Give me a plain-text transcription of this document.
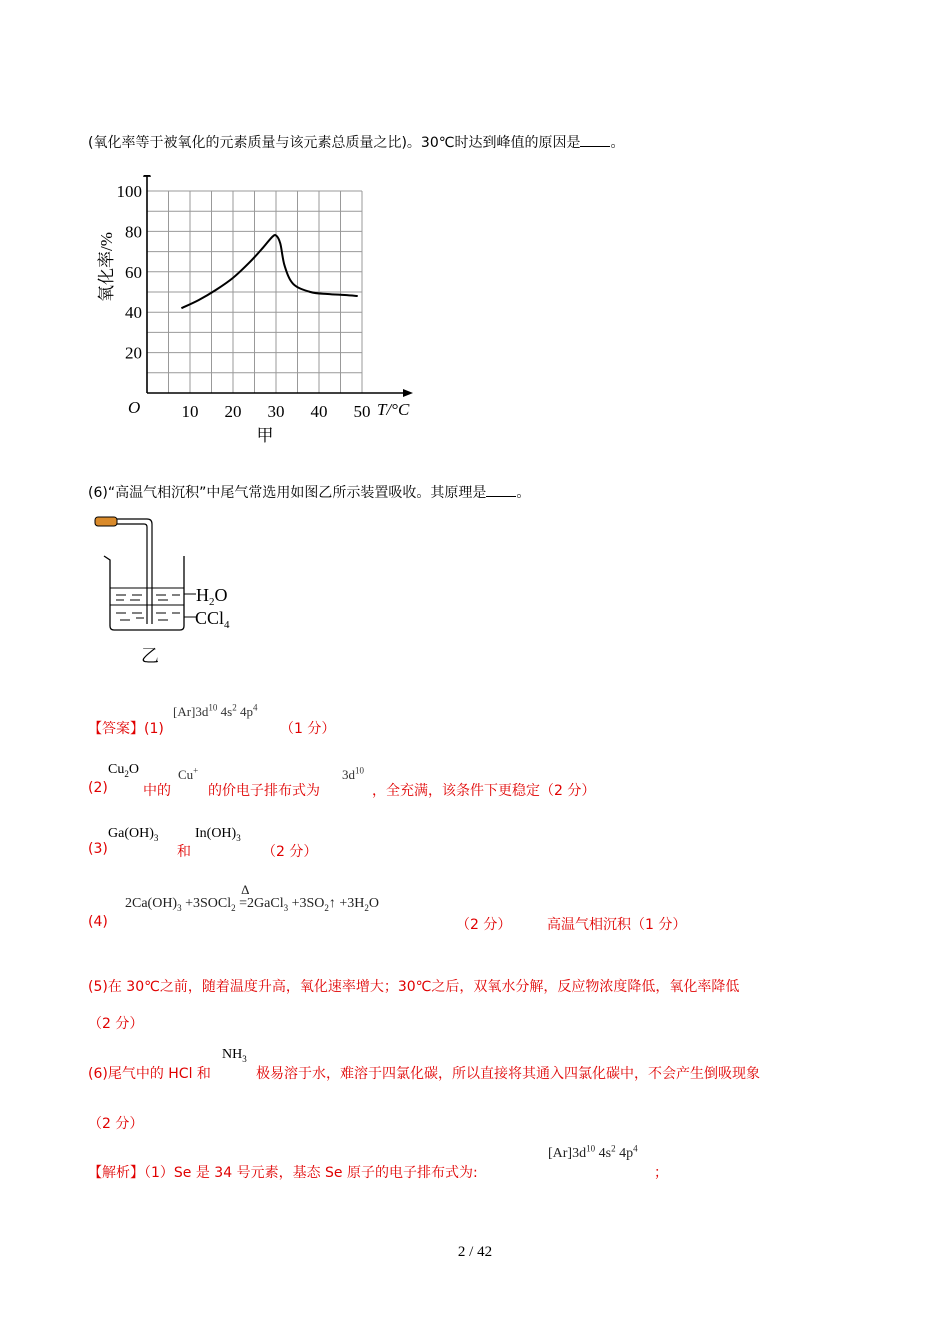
(氧化率等于被氧化的元素质量与该元素总质量之比)。30℃时达到峰值的原因是 。
10 20 30 40 50
20
40
60
80
100
氧化率/%
T/°C
O
甲
(6)“高温气相沉积”中尾气常选用如图乙所示装置吸收。其原理是 。
$H_2O$
CCl$_4$
乙
【答案】(1)
$[Ar]3d^{10}$ $4s^2$ $4p^4$
（1 分）
(2)
$Cu_2O$
中的
Cu+
的价电子排布式为
$3d^{10}$
，全充满，该条件下更稳定（2 分）
(3)
$Ga(OH)_3$
和
$In(OH)_3$
（2 分）
(4)
$2Ca(OH)_3$ +3SOCl$_2$
Δ
=2GaCl$_3$ $+3SO_2↑ +3H_2O$
（2 分）	高温气相沉积（1 分）
(5)在 30℃之前，随着温度升高，氧化速率增大；30℃之后，双氧水分解，反应物浓度降低，氧化率降低
（2 分）
(6)尾气中的 HCl 和
$NH_3$
极易溶于水，难溶于四氯化碳，所以直接将其通入四氯化碳中，不会产生倒吸现象
（2 分）
【解析】（1）Se 是 34 号元素，基态 Se 原子的电子排布式为:
$[Ar]3d^{10}$ $4s^2$ $4p^4$
；
2 / 42
